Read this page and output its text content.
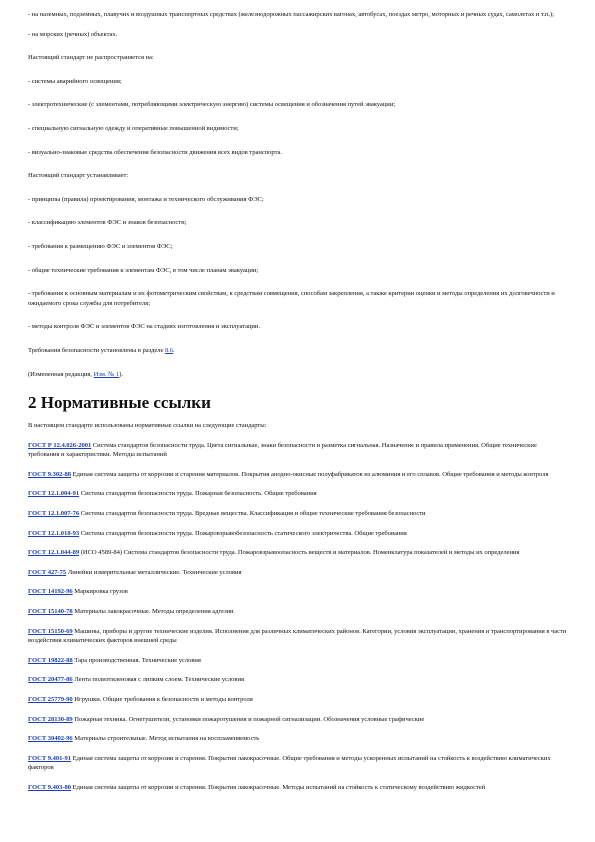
- на наземных, подземных, плавучих и воздушных транспортных средствах (железнодорожных пассажирских вагонах, автобусах, поездах метро, моторных и речных судах, самолетах и т.п.);

- на морских (речных) объектах.

Настоящий стандарт не распространяется на:

- системы аварийного освещения;

- электротехнические (с элементами, потребляющими электрическую энергию) системы освещения и обозначения путей эвакуации;

- специальную сигнальную одежду и оперативные повышенной видимости;

- визуально-знаковые средства обеспечения безопасности движения всех видов транспорта.

Настоящий стандарт устанавливает:

- принципы (правила) проектирования, монтажа и технического обслуживания ФЭС;

- классификацию элементов ФЭС и знаков безопасности;

- требования к размещению ФЭС и элементов ФЭС;

- общие технические требования к элементам ФЭС, в том числе планам эвакуации;

- требования к основным материалам и их фотометрическим свойствам, к средствам совмещения, способам закрепления, а также критерии оценки и методы определения их долговечности и ожидаемого срока службы для потребителя;

- методы контроля ФЭС и элементов ФЭС на стадиях изготовления и эксплуатации.

Требования безопасности установлены в разделе 8.6.

(Измененная редакция, Изм. № 1).

2 Нормативные ссылки

В настоящем стандарте использованы нормативные ссылки на следующие стандарты:

ГОСТ Р 12.4.026-2001 Система стандартов безопасности труда. Цвета сигнальные, знаки безопасности и разметка сигнальная. Назначение и правила применения. Общие технические требования и характеристики. Методы испытаний

ГОСТ 9.302-88 Единая система защиты от коррозии и старения материалов. Покрытия анодно-окисные полуфабрикатов из алюминия и его сплавов. Общие требования и методы контроля

ГОСТ 12.1.004-91 Система стандартов безопасности труда. Пожарная безопасность. Общие требования

ГОСТ 12.1.007-76 Система стандартов безопасности труда. Вредные вещества. Классификация и общие технические требования безопасности

ГОСТ 12.1.018-93 Система стандартов безопасности труда. Пожаровзрывобезопасность статического электричества. Общие требования

ГОСТ 12.1.044-89 (ИСО 4589-84) Система стандартов безопасности труда. Пожаровзрывоопасность веществ и материалов. Номенклатура показателей и методы их определения

ГОСТ 427-75 Линейки измерительные металлические. Технические условия

ГОСТ 14192-96 Маркировка грузов

ГОСТ 15140-78 Материалы лакокрасочные. Методы определения адгезии

ГОСТ 15150-69 Машины, приборы и другие технические изделия. Исполнения для различных климатических районов. Категории, условия эксплуатации, хранения и транспортирования в части воздействия климатических факторов внешней среды

ГОСТ 19822-88 Тара производственная. Технические условия

ГОСТ 20477-86 Лента полиэтиленовая с липким слоем. Технические условия

ГОСТ 25779-90 Игрушки. Общие требования к безопасности и методы контроля

ГОСТ 28130-89 Пожарная техника. Огнетушители, установки пожаротушения и пожарной сигнализации. Обозначения условные графические

ГОСТ 30402-96 Материалы строительные. Метод испытания на воспламеняемость

ГОСТ 9.401-91 Единая система защиты от коррозии и старения. Покрытия лакокрасочные. Общие требования и методы ускоренных испытаний на стойкость к воздействию климатических факторов

ГОСТ 9.403-80 Единая система защиты от коррозии и старения. Покрытия лакокрасочные. Методы испытаний на стойкость к статическому воздействию жидкостей
